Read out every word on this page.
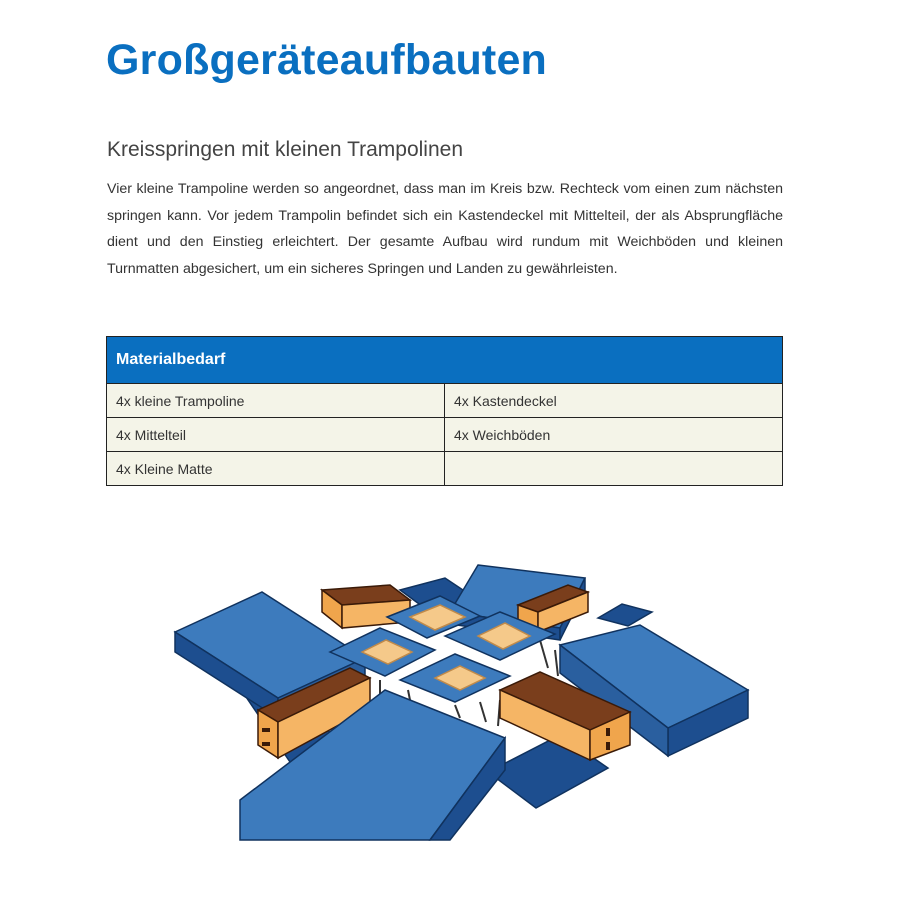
Großgeräteaufbauten
Kreisspringen mit kleinen Trampolinen

Vier kleine Trampoline werden so angeordnet, dass man im Kreis bzw. Rechteck vom einen zum nächsten springen kann. Vor jedem Trampolin befindet sich ein Kastendeckel mit Mittelteil, der als Absprungfläche dient und den Einstieg erleichtert. Der gesamte Aufbau wird rundum mit Weichböden und kleinen Turnmatten abgesichert, um ein sicheres Springen und Landen zu gewährleisten.

Materialbedarf	
4x kleine Trampoline	4x Kastendeckel
4x Mittelteil	4x Weichböden
4x Kleine Matte	
